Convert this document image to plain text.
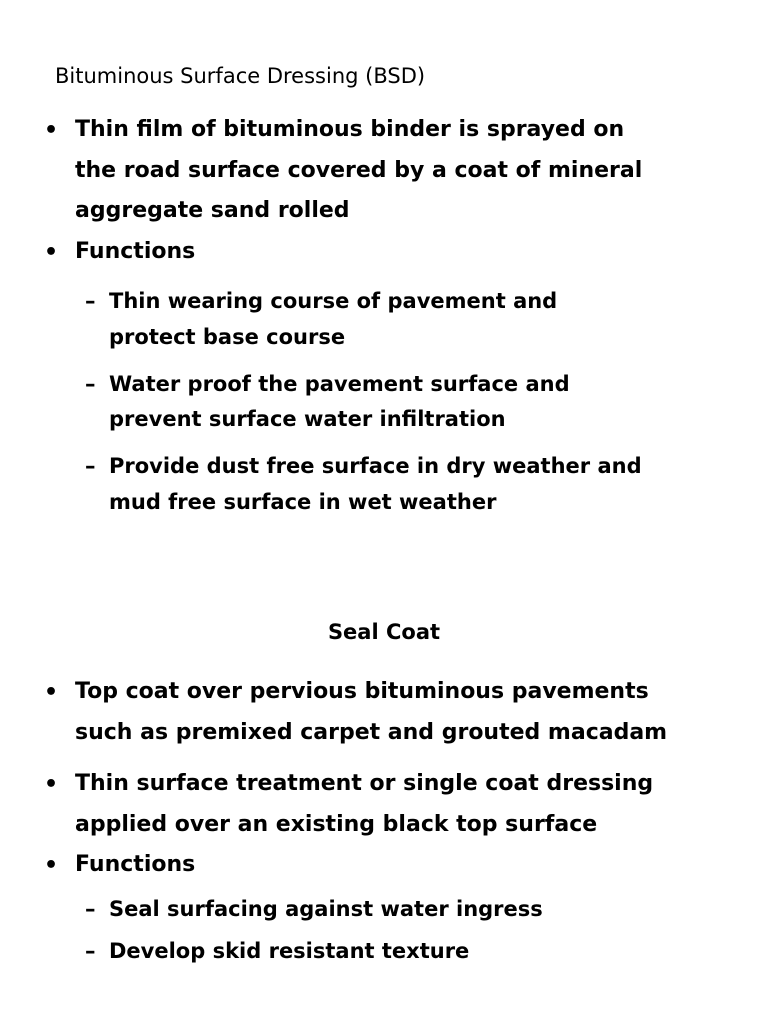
Bituminous Surface Dressing (BSD)
• Thin film of bituminous binder is sprayed on
the road surface covered by a coat of mineral
aggregate sand rolled
• Functions
– Thin wearing course of pavement and
protect base course
– Water proof the pavement surface and
prevent surface water infiltration
– Provide dust free surface in dry weather and
mud free surface in wet weather
Seal Coat
• Top coat over pervious bituminous pavements
such as premixed carpet and grouted macadam
• Thin surface treatment or single coat dressing
applied over an existing black top surface
• Functions
– Seal surfacing against water ingress
– Develop skid resistant texture
